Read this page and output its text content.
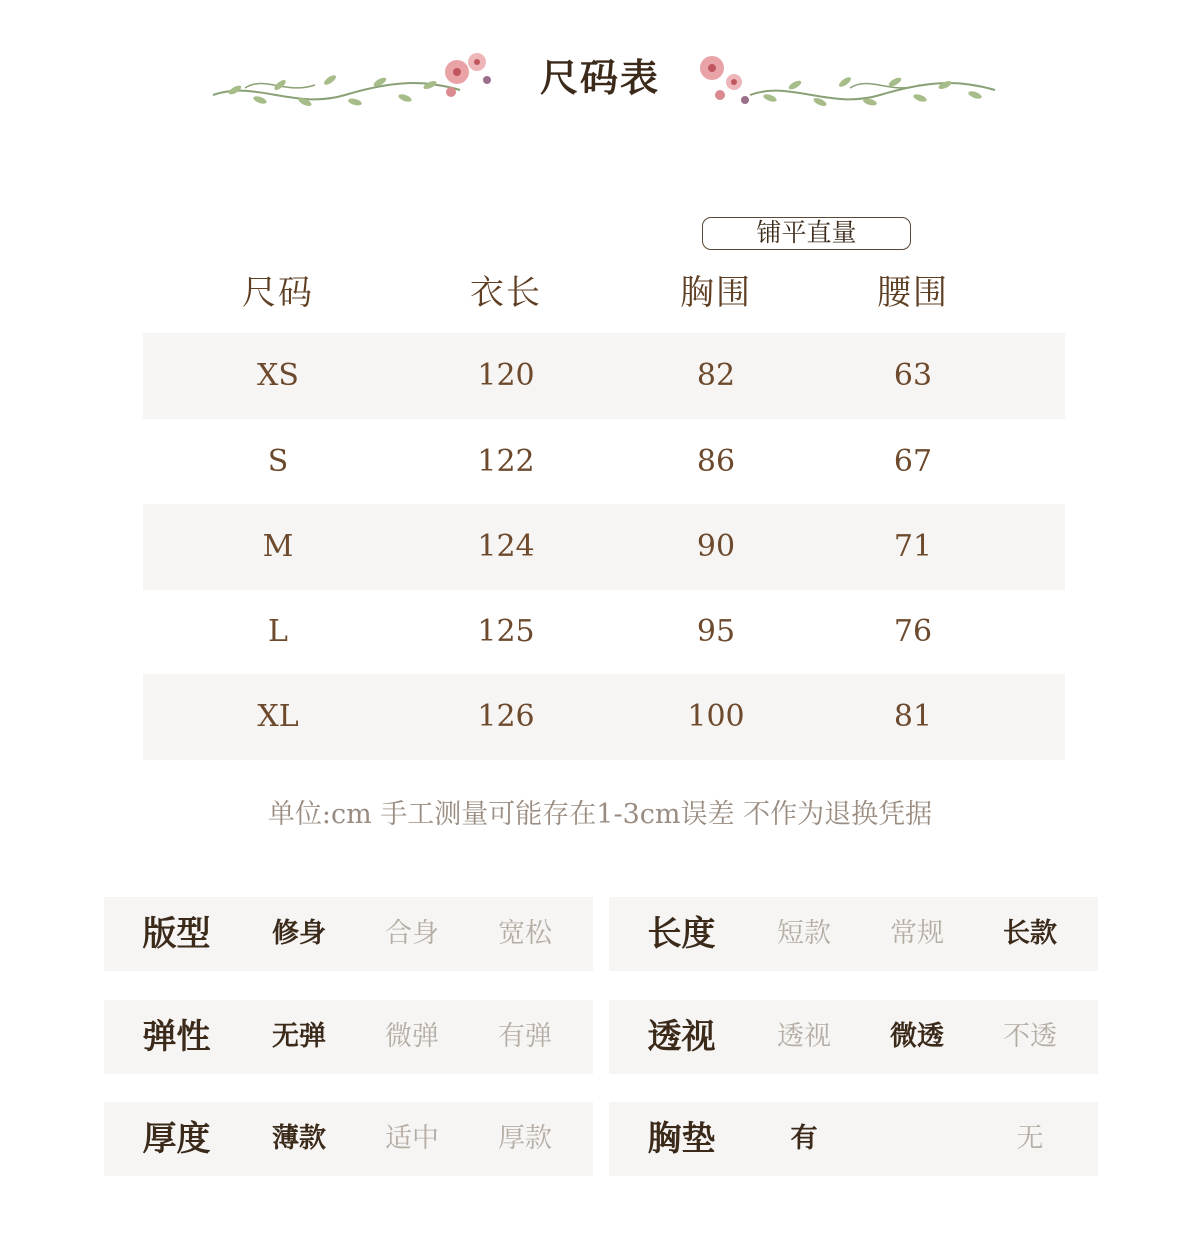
尺码表
铺平直量
尺码	衣长	胸围	腰围
XS	120	82	63
S	122	86	67
M	124	90	71
L	125	95	76
XL	126	100	81
单位:cm 手工测量可能存在1-3cm误差 不作为退换凭据
版型	修身	合身	宽松	长度	短款	常规	长款
弹性	无弹	微弹	有弹	透视	透视	微透	不透
厚度	薄款	适中	厚款	胸垫	有	无
